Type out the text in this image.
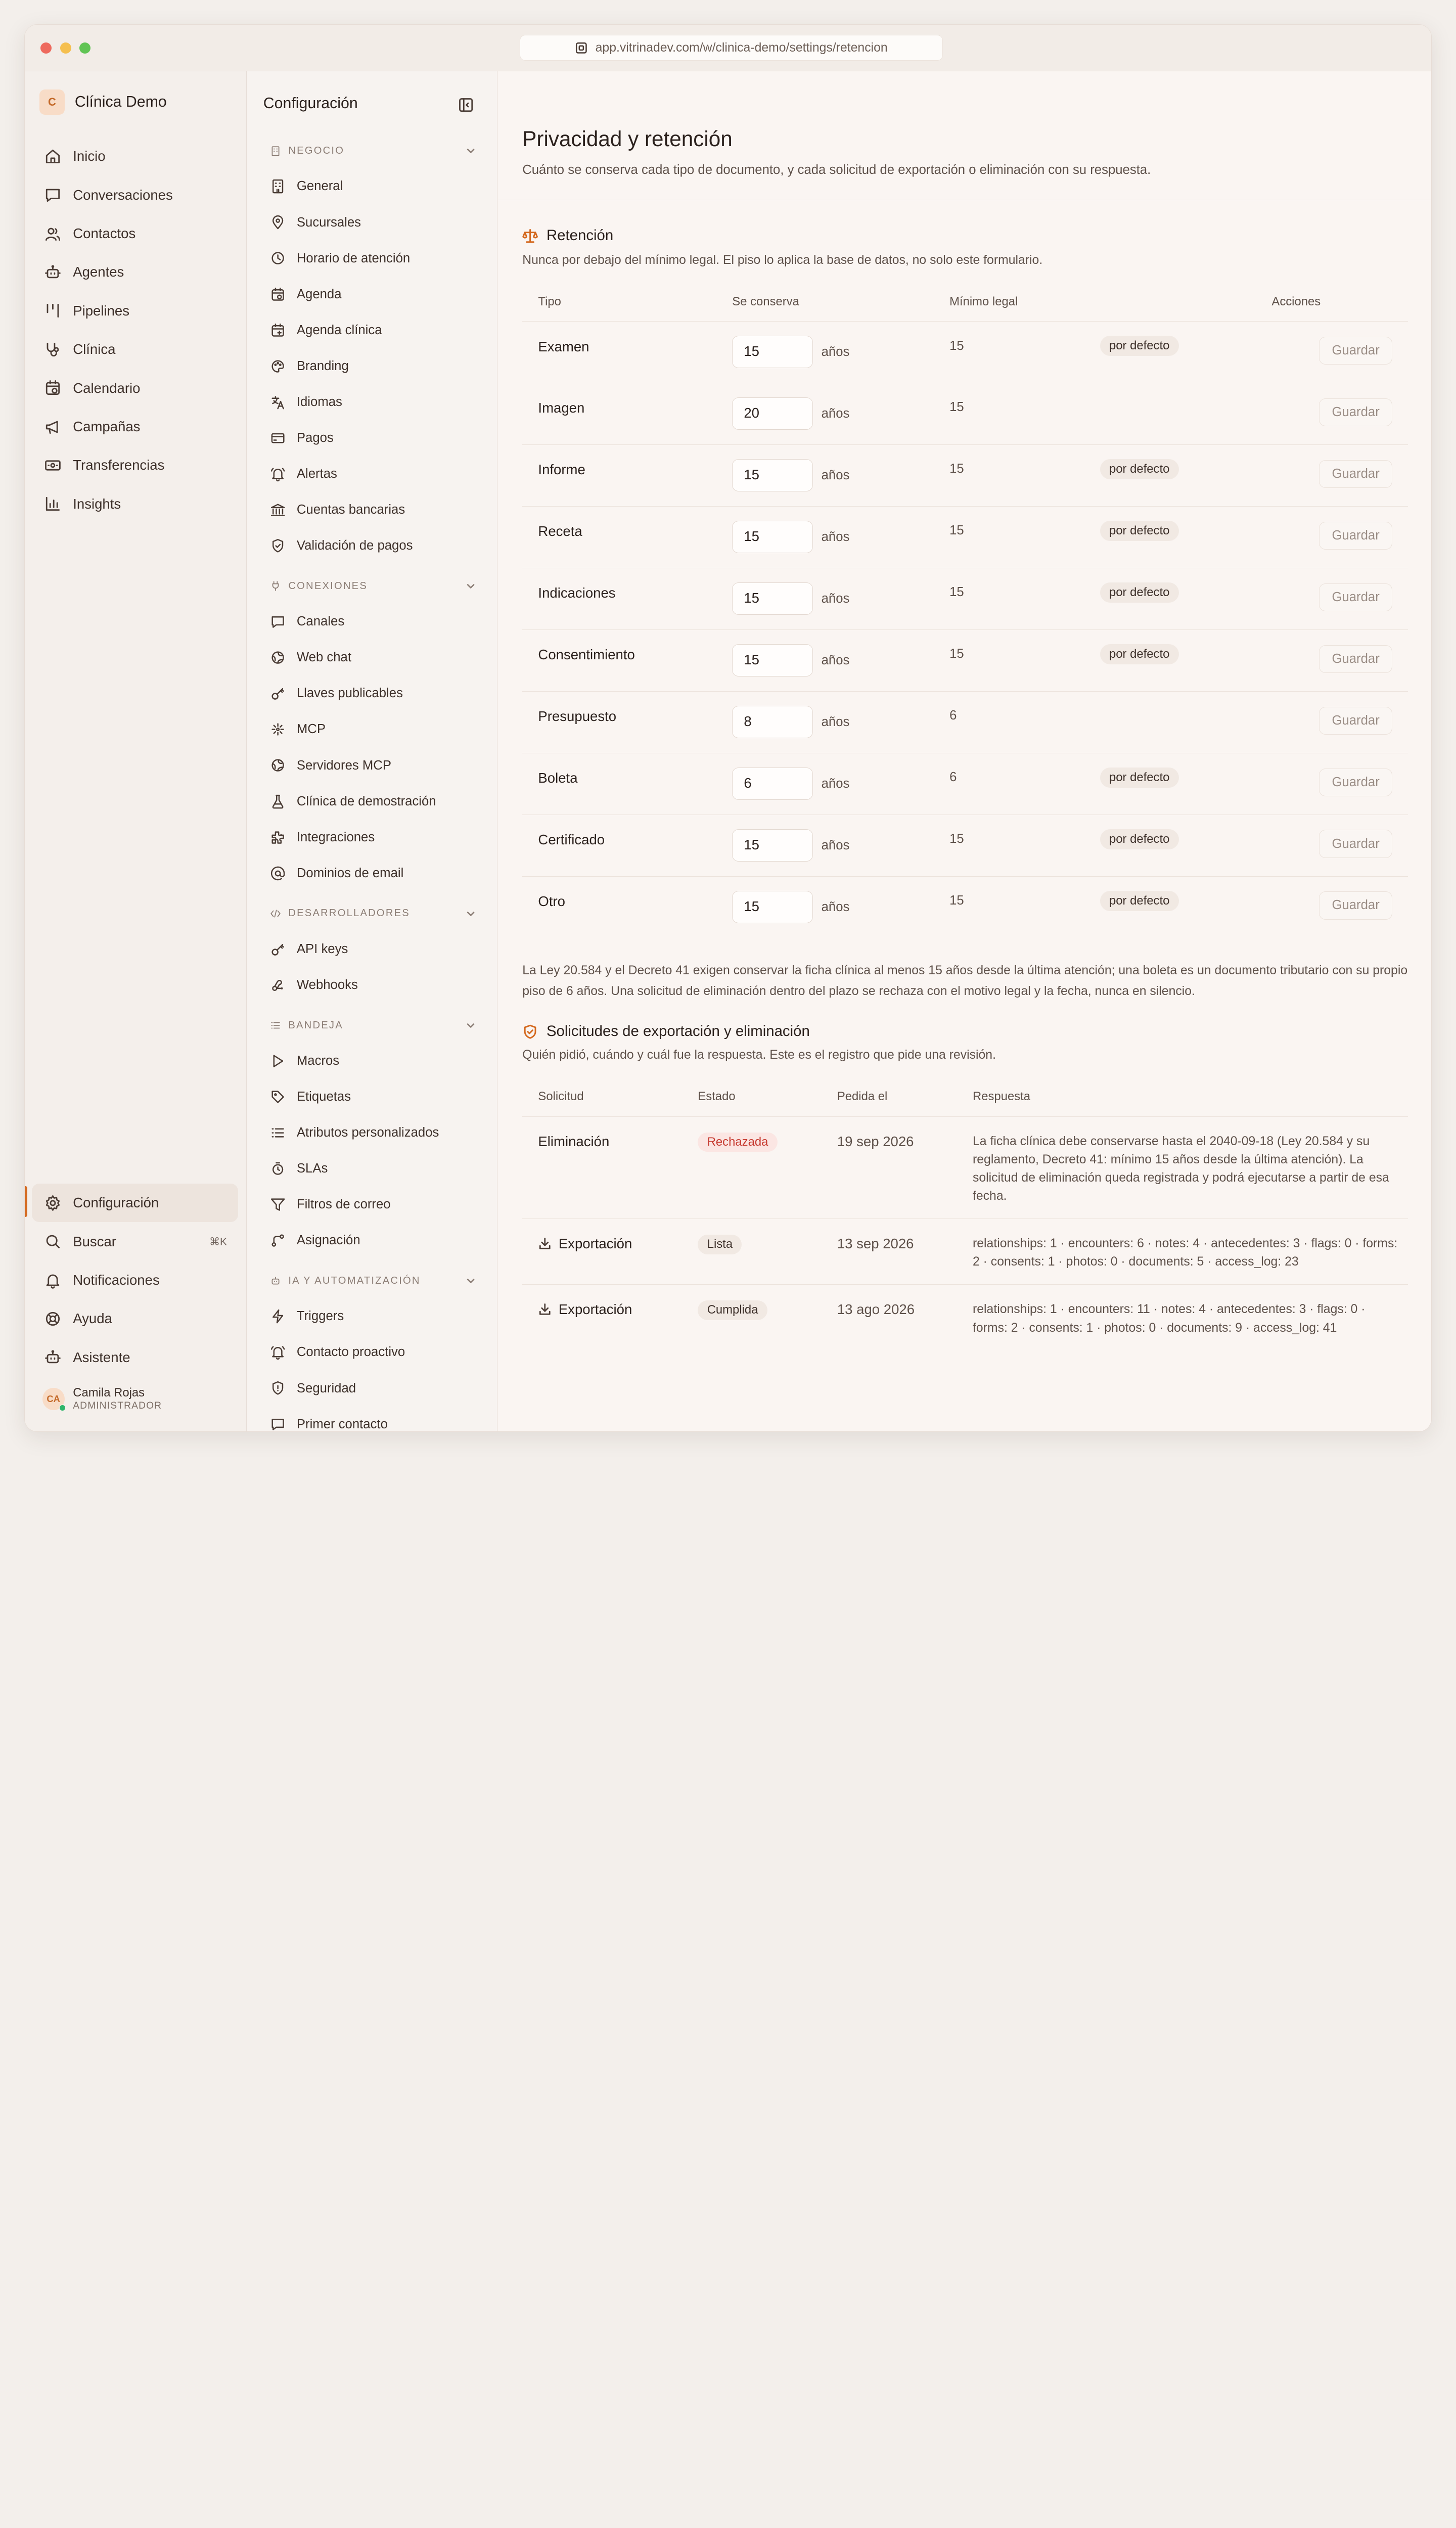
app.vitrinadev.com/w/clinica-demo/settings/retencion
C	Clínica Demo
Inicio
Conversaciones
Contactos
Agentes
Pipelines
Clínica
Calendario
Campañas
Transferencias
Insights
Configuración
Buscar	⌘K
Notificaciones
Ayuda
Asistente
CA Camila Rojas
ADMINISTRADOR
Configuración
NEGOCIO
General
Sucursales
Horario de atención
Agenda
Agenda clínica
Branding
Idiomas
Pagos
Alertas
Cuentas bancarias
Validación de pagos
CONEXIONES
Canales
Web chat
Llaves publicables
MCP
Servidores MCP
Clínica de demostración
Integraciones
Dominios de email
DESARROLLADORES
API keys
Webhooks
BANDEJA
Macros
Etiquetas
Atributos personalizados
SLAs
Filtros de correo
Asignación
IA Y AUTOMATIZACIÓN
Triggers
Contacto proactivo
Seguridad
Primer contacto
Privacidad y retención

Cuánto se conserva cada tipo de documento, y cada solicitud de exportación o eliminación con su respuesta.

Retención

Nunca por debajo del mínimo legal. El piso lo aplica la base de datos, no solo este formulario.

Tipo	Se conserva	Mínimo legal	Acciones
Examen	15	años	15	por defecto	Guardar
Imagen	20	años	15	Guardar
Informe	15	años	15	por defecto	Guardar
Receta	15	años	15	por defecto	Guardar
Indicaciones	15	años	15	por defecto	Guardar
Consentimiento	15	años	15	por defecto	Guardar
Presupuesto	8	años	6	Guardar
Boleta	6	años	6	por defecto	Guardar
Certificado	15	años	15	por defecto	Guardar
Otro	15	años	15	por defecto	Guardar

La Ley 20.584 y el Decreto 41 exigen conservar la ficha clínica al menos 15 años desde la última atención; una boleta es un documento tributario con su propio piso de 6 años. Una solicitud de eliminación dentro del plazo se rechaza con el motivo legal y la fecha, nunca en silencio.

Solicitudes de exportación y eliminación

Quién pidió, cuándo y cuál fue la respuesta. Este es el registro que pide una revisión.

Solicitud	Estado	Pedida el	Respuesta
Eliminación	Rechazada	19 sep 2026	La ficha clínica debe conservarse hasta el 2040-09-18 (Ley 20.584 y su reglamento, Decreto 41: mínimo 15 años desde la última atención). La solicitud de eliminación queda registrada y podrá ejecutarse a partir de esa fecha.
Exportación	Lista	13 sep 2026	relationships: 1 · encounters: 6 · notes: 4 · antecedentes: 3 · flags: 0 · forms: 2 · consents: 1 · photos: 0 · documents: 5 · access_log: 23
Exportación	Cumplida	13 ago 2026	relationships: 1 · encounters: 11 · notes: 4 · antecedentes: 3 · flags: 0 · forms: 2 · consents: 1 · photos: 0 · documents: 9 · access_log: 41
